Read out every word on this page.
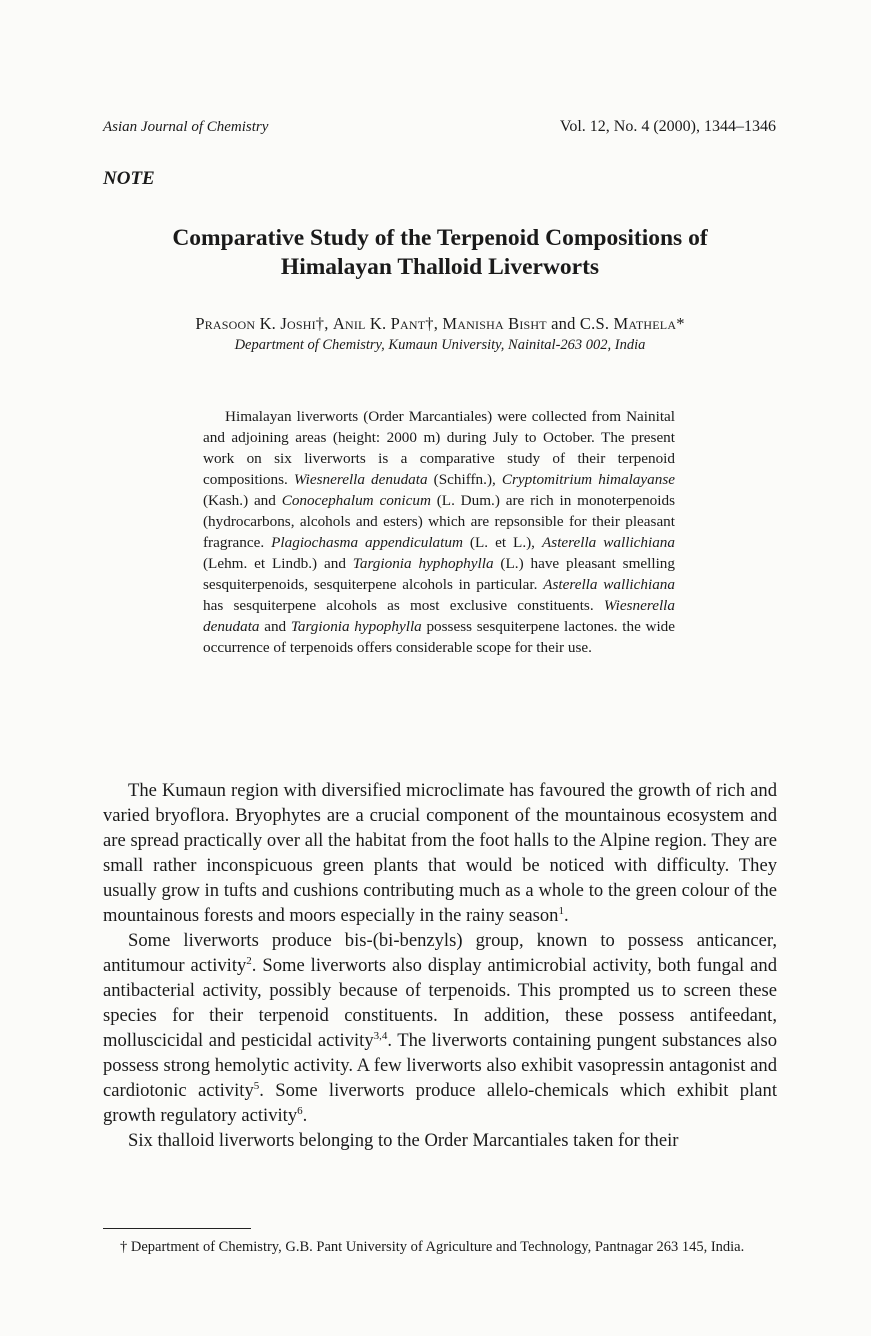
Asian Journal of Chemistry	Vol. 12, No. 4 (2000), 1344–1346
NOTE
Comparative Study of the Terpenoid Compositions of
Himalayan Thalloid Liverworts
Prasoon K. Joshi†, Anil K. Pant†, Manisha Bisht and C.S. Mathela*
Department of Chemistry, Kumaun University, Nainital-263 002, India

Himalayan liverworts (Order Marcantiales) were collected from Nainital and adjoining areas (height: 2000 m) during July to October. The present work on six liverworts is a comparative study of their terpenoid compositions. Wiesnerella denudata (Schiffn.), Cryptomitrium himalayanse (Kash.) and Conocephalum conicum (L. Dum.) are rich in monoterpenoids (hydrocarbons, alcohols and esters) which are repsonsible for their pleasant fragrance. Plagiochasma appendiculatum (L. et L.), Asterella wallichiana (Lehm. et Lindb.) and Targionia hyphophylla (L.) have pleasant smelling sesquiterpenoids, sesquiterpene alcohols in particular. Asterella wallichiana has sesquiterpene alcohols as most exclusive constituents. Wiesnerella denudata and Targionia hypophylla possess sesquiterpene lactones. the wide occurrence of terpenoids offers considerable scope for their use.

The Kumaun region with diversified microclimate has favoured the growth of rich and varied bryoflora. Bryophytes are a crucial component of the mountainous ecosystem and are spread practically over all the habitat from the foot halls to the Alpine region. They are small rather inconspicuous green plants that would be noticed with difficulty. They usually grow in tufts and cushions contributing much as a whole to the green colour of the mountainous forests and moors especially in the rainy season$^1$.

Some liverworts produce bis-(bi-benzyls) group, known to possess anticancer, antitumour activity$^2$. Some liverworts also display antimicrobial activity, both fungal and antibacterial activity, possibly because of terpenoids. This prompted us to screen these species for their terpenoid constituents. In addition, these possess antifeedant, molluscicidal and pesticidal activity$^{3,4}$. The liverworts containing pungent substances also possess strong hemolytic activity. A few liverworts also exhibit vasopressin antagonist and cardiotonic activity$^5$. Some liverworts produce allelo-chemicals which exhibit plant growth regulatory activity$^6$.

Six thalloid liverworts belonging to the Order Marcantiales taken for their

† Department of Chemistry, G.B. Pant University of Agriculture and Technology, Pantnagar 263 145, India.
